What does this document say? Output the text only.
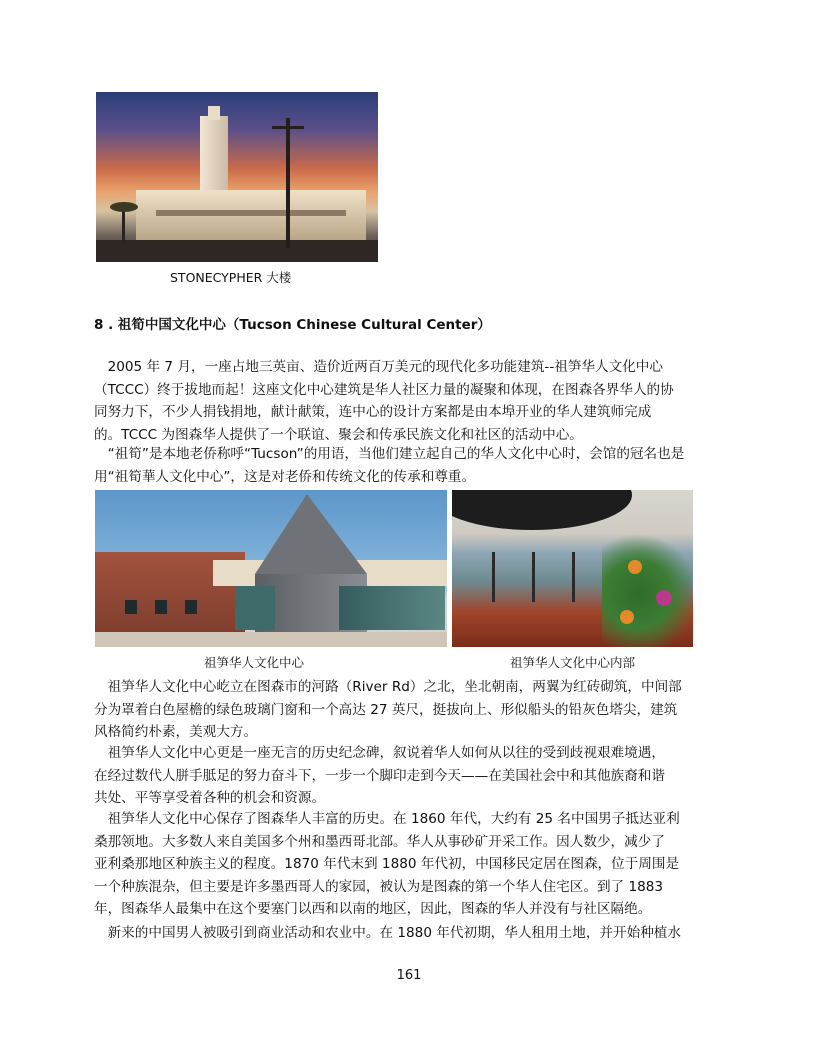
STONECYPHER 大楼
8 . 祖筍中国文化中心（Tucson Chinese Cultural Center）

　2005 年 7 月，一座占地三英亩、造价近两百万美元的现代化多功能建筑--祖笋华人文化中心
（TCCC）终于拔地而起！这座文化中心建筑是华人社区力量的凝聚和体现，在图森各界华人的协
同努力下，不少人捐钱捐地，献计献策，连中心的设计方案都是由本埠开业的华人建筑师完成
的。TCCC 为图森华人提供了一个联谊、聚会和传承民族文化和社区的活动中心。

　“祖筍”是本地老侨称呼“Tucson”的用语，当他们建立起自己的华人文化中心时，会馆的冠名也是
用“祖筍華人文化中心”，这是对老侨和传统文化的传承和尊重。

祖笋华人文化中心	祖笋华人文化中心内部

　祖笋华人文化中心屹立在图森市的河路（River Rd）之北，坐北朝南，两翼为红砖砌筑，中间部
分为罩着白色屋檐的绿色玻璃门窗和一个高达 27 英尺，挺拔向上、形似船头的铅灰色塔尖，建筑
风格简约朴素，美观大方。

　祖笋华人文化中心更是一座无言的历史纪念碑，叙说着华人如何从以往的受到歧视艰难境遇，
在经过数代人胼手胝足的努力奋斗下，一步一个脚印走到今天——在美国社会中和其他族裔和谐
共处、平等享受着各种的机会和资源。

　祖笋华人文化中心保存了图森华人丰富的历史。在 1860 年代，大约有 25 名中国男子抵达亚利
桑那领地。大多数人来自美国多个州和墨西哥北部。华人从事砂矿开采工作。因人数少，减少了
亚利桑那地区种族主义的程度。1870 年代末到 1880 年代初，中国移民定居在图森，位于周围是
一个种族混杂，但主要是许多墨西哥人的家园，被认为是图森的第一个华人住宅区。到了 1883
年，图森华人最集中在这个要塞门以西和以南的地区，因此，图森的华人并没有与社区隔绝。

　新来的中国男人被吸引到商业活动和农业中。在 1880 年代初期，华人租用土地，并开始种植水

161
